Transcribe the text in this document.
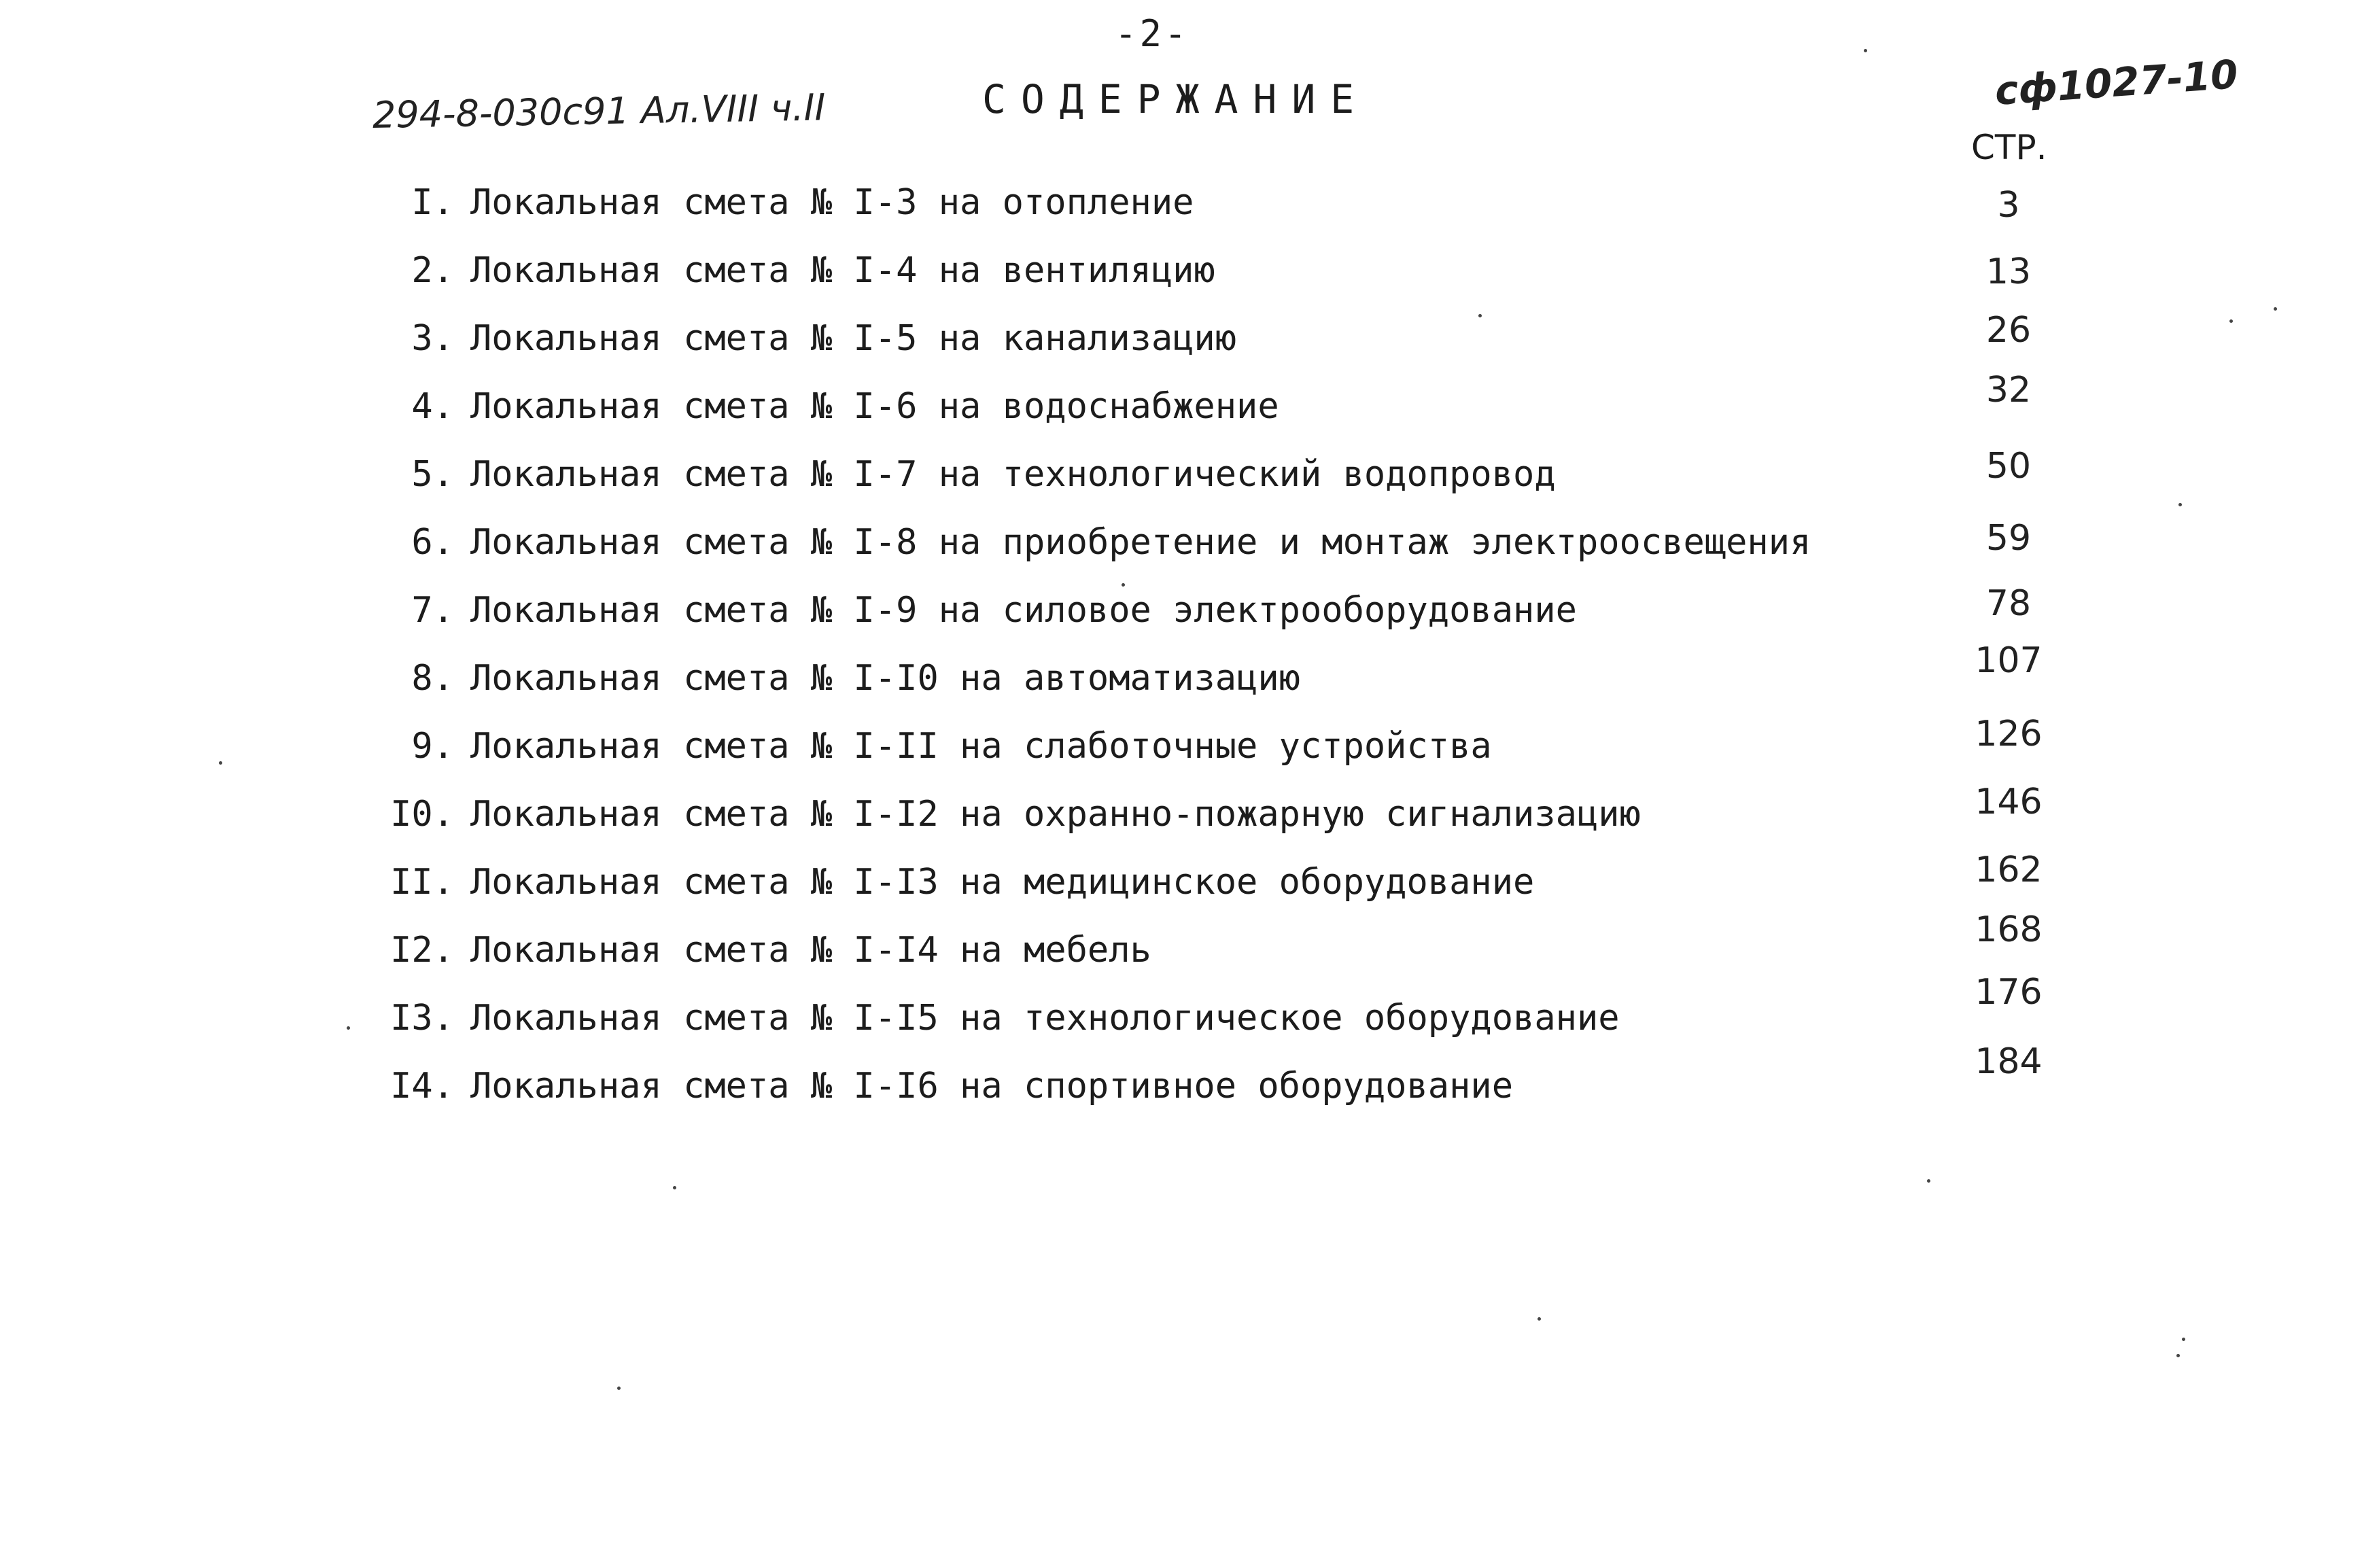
-2-
294-8-030с91 Ал.VIII ч.II	СОДЕРЖАНИЕ	сф1027-10
СТР.
I. Локальная смета № I-3 на отопление
2. Локальная смета № I-4 на вентиляцию
3. Локальная смета № I-5 на канализацию
4. Локальная смета № I-6 на водоснабжение
5. Локальная смета № I-7 на технологический водопровод
6. Локальная смета № I-8 на приобретение и монтаж электроосвещения
7. Локальная смета № I-9 на силовое электрооборудование
8. Локальная смета № I-I0 на автоматизацию
9. Локальная смета № I-II на слаботочные устройства
I0. Локальная смета № I-I2 на охранно-пожарную сигнализацию
II. Локальная смета № I-I3 на медицинское оборудование
I2. Локальная смета № I-I4 на мебель
I3. Локальная смета № I-I5 на технологическое оборудование
I4. Локальная смета № I-I6 на спортивное оборудование
3
13
26
32
50
59
78
107
126
146
162
168
176
184
